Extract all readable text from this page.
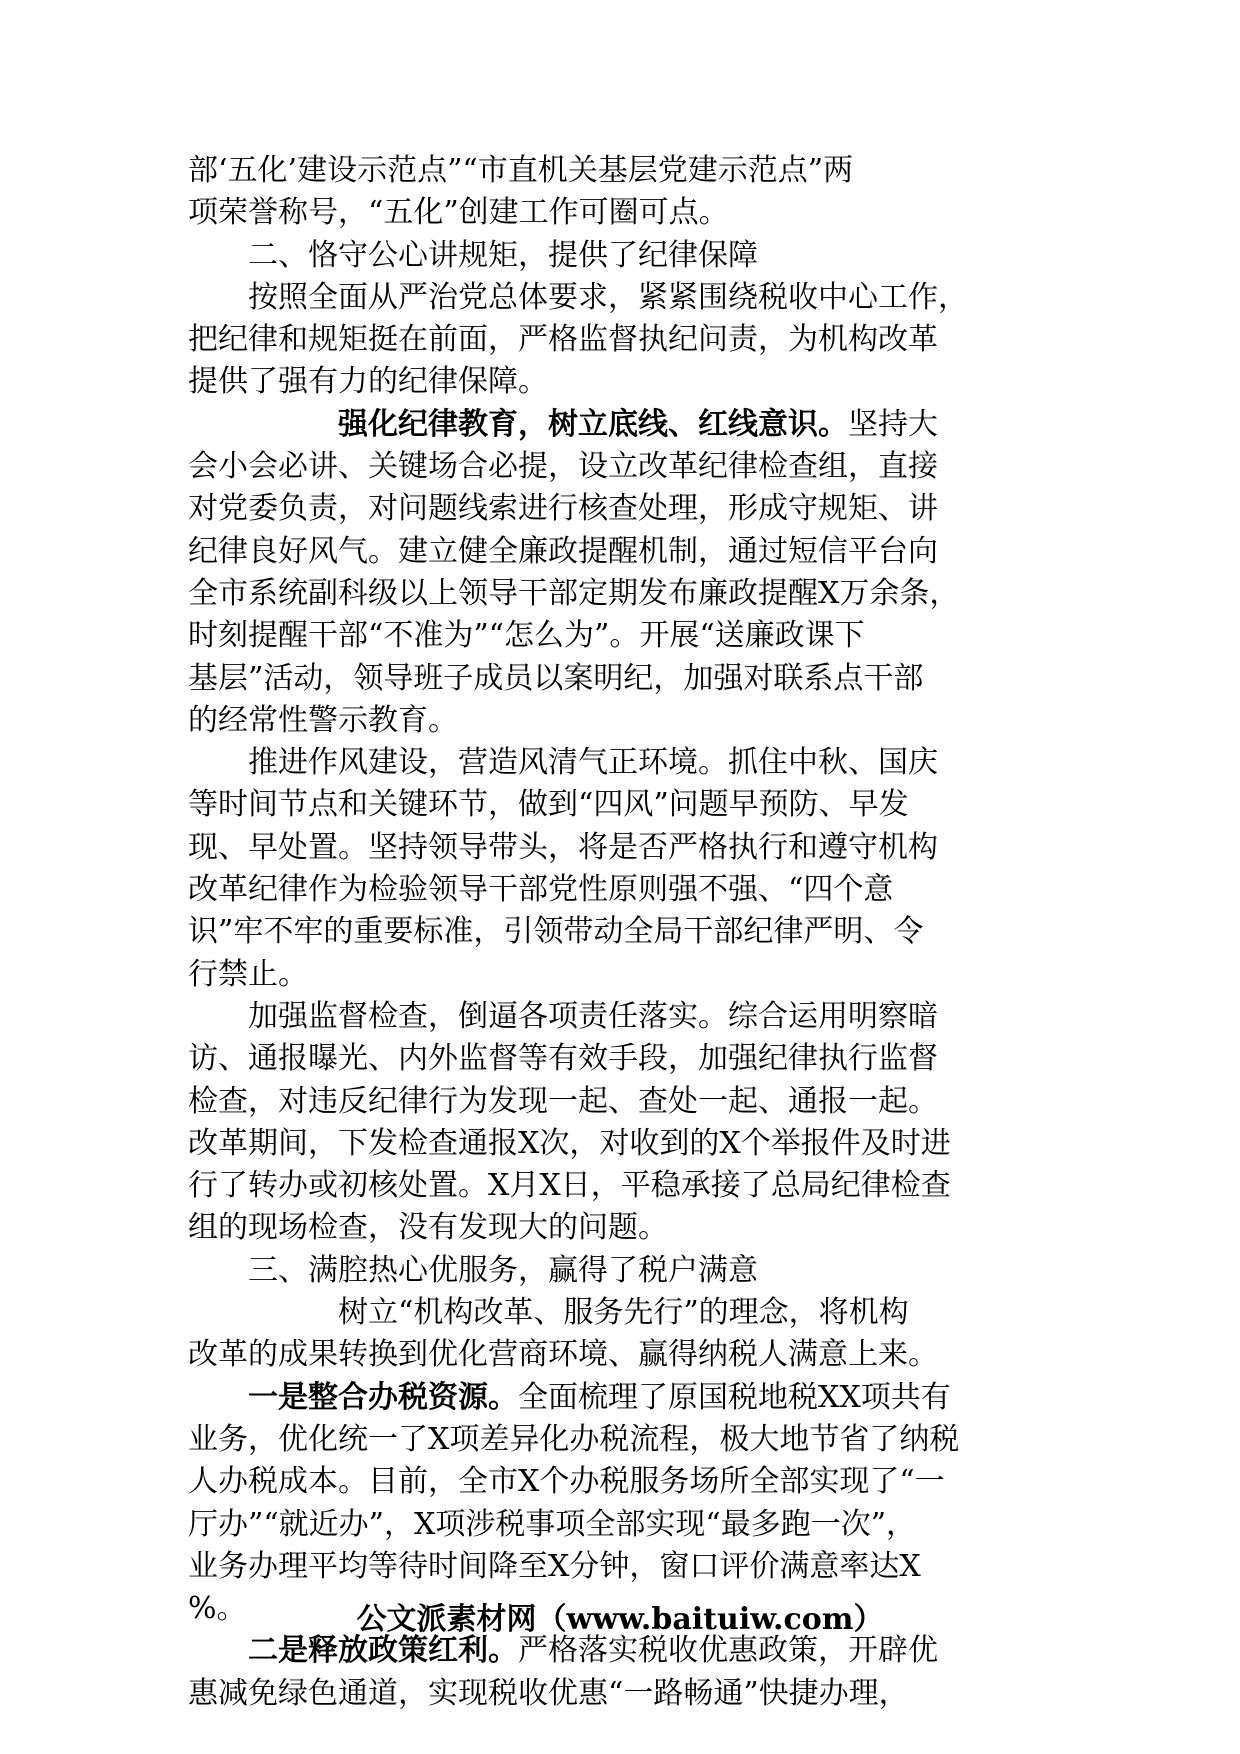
部‘五化’建设示范点”“市直机关基层党建示范点”两
项荣誉称号，“五化”创建工作可圈可点。
二、恪守公心讲规矩，提供了纪律保障
按照全面从严治党总体要求，紧紧围绕税收中心工作，
把纪律和规矩挺在前面，严格监督执纪问责，为机构改革
提供了强有力的纪律保障。
强化纪律教育，树立底线、红线意识。坚持大
会小会必讲、关键场合必提，设立改革纪律检查组，直接
对党委负责，对问题线索进行核查处理，形成守规矩、讲
纪律良好风气。建立健全廉政提醒机制，通过短信平台向
全市系统副科级以上领导干部定期发布廉政提醒X万余条，
时刻提醒干部“不准为”“怎么为”。开展“送廉政课下
基层”活动，领导班子成员以案明纪，加强对联系点干部
的经常性警示教育。
推进作风建设，营造风清气正环境。抓住中秋、国庆
等时间节点和关键环节，做到“四风”问题早预防、早发
现、早处置。坚持领导带头，将是否严格执行和遵守机构
改革纪律作为检验领导干部党性原则强不强、“四个意
识”牢不牢的重要标准，引领带动全局干部纪律严明、令
行禁止。
加强监督检查，倒逼各项责任落实。综合运用明察暗
访、通报曝光、内外监督等有效手段，加强纪律执行监督
检查，对违反纪律行为发现一起、查处一起、通报一起。
改革期间，下发检查通报X次，对收到的X个举报件及时进
行了转办或初核处置。X月X日，平稳承接了总局纪律检查
组的现场检查，没有发现大的问题。
三、满腔热心优服务，赢得了税户满意
树立“机构改革、服务先行”的理念，将机构
改革的成果转换到优化营商环境、赢得纳税人满意上来。
一是整合办税资源。全面梳理了原国税地税XX项共有
业务，优化统一了X项差异化办税流程，极大地节省了纳税
人办税成本。目前，全市X个办税服务场所全部实现了“一
厅办”“就近办”，X项涉税事项全部实现“最多跑一次”，
业务办理平均等待时间降至X分钟，窗口评价满意率达X
%。
二是释放政策红利。严格落实税收优惠政策，开辟优
惠减免绿色通道，实现税收优惠“一路畅通”快捷办理，
公文派素材网（www.baituiw.com）
